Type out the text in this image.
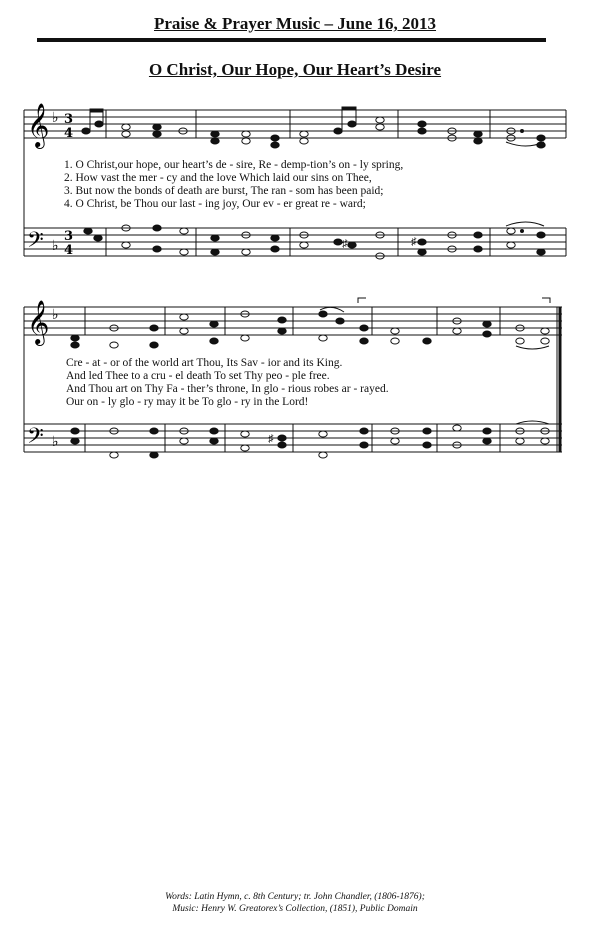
Praise & Prayer Music – June 16, 2013
O Christ, Our Hope, Our Heart’s Desire
𝄞
𝄢
♭
♭
3
4
3
4	♯	♯
𝄞
𝄢
♭
♭	♯
1. O Christ,our hope, our heart’s de - sire, Re - demp-tion’s on - ly spring,
2. How vast the mer - cy and the love Which laid our sins on Thee,
3. But now the bonds of death are burst, The ran - som has been paid;
4. O Christ, be Thou our last - ing joy, Our ev - er great re - ward;
Cre - at - or of the world art Thou, Its Sav - ior and its King.
And led Thee to a cru - el death To set Thy peo - ple free.
And Thou art on Thy Fa - ther’s throne, In glo - rious robes ar - rayed.
Our on - ly glo - ry may it be To glo - ry in the Lord!
Words: Latin Hymn, c. 8th Century; tr. John Chandler, (1806-1876);
Music: Henry W. Greatorex’s Collection, (1851), Public Domain
